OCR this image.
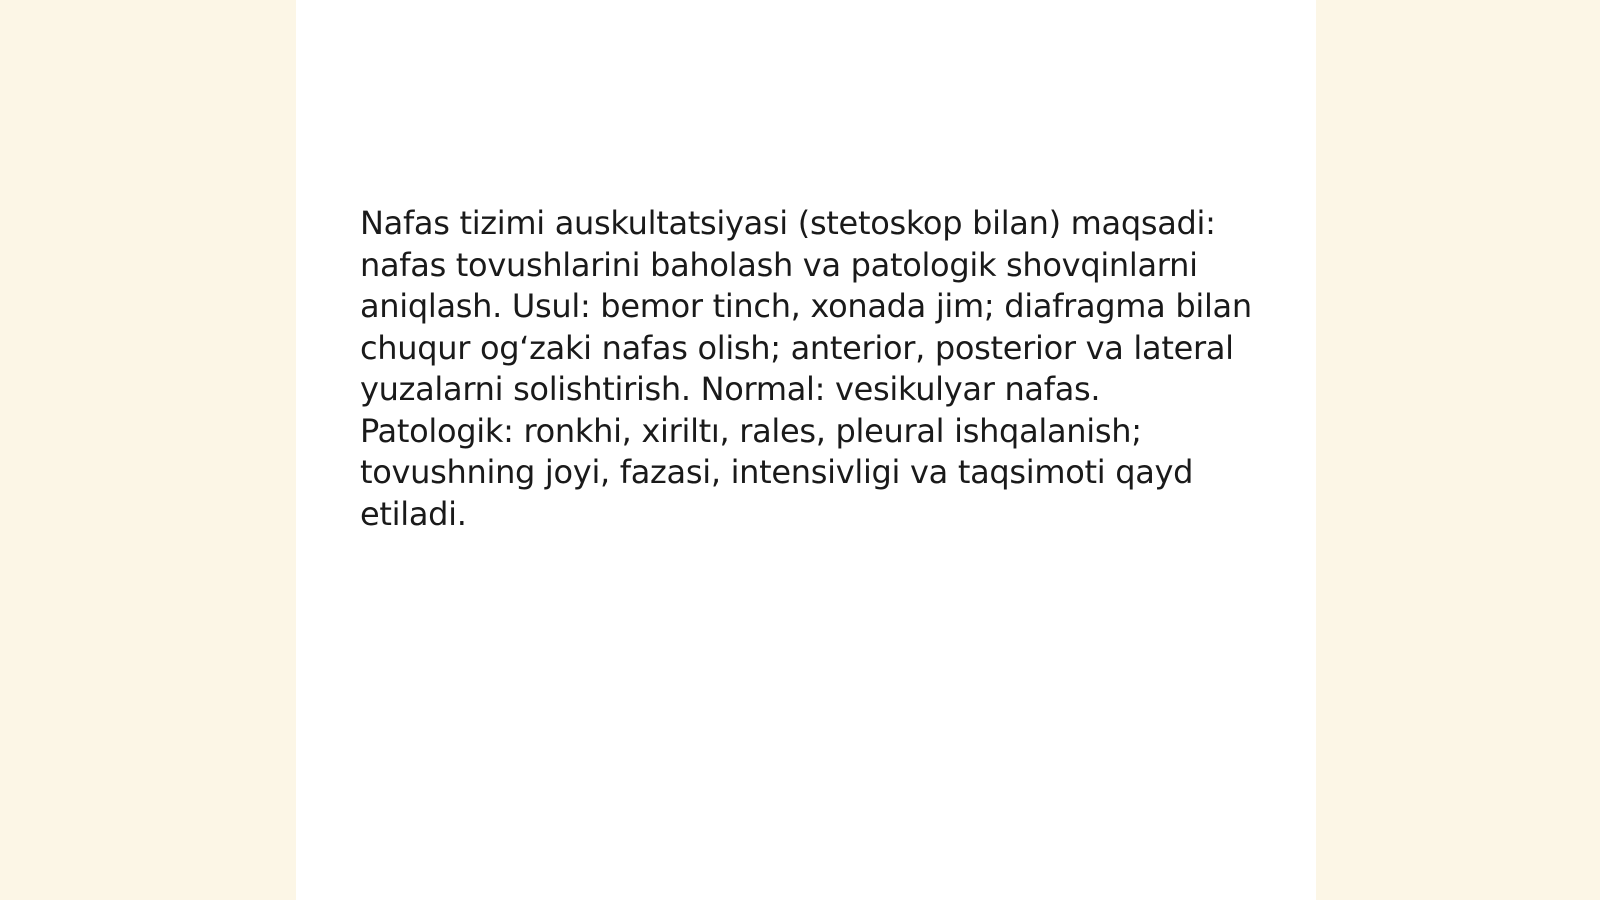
Nafas tizimi auskultatsiyasi (stetoskop bilan) maqsadi: nafas tovushlarini baholash va patologik shovqinlarni aniqlash. Usul: bemor tinch, xonada jim; diafragma bilan chuqur ogʻzaki nafas olish; anterior, posterior va lateral yuzalarni solishtirish. Normal: vesikulyar nafas. Patologik: ronkhi, xiriltı, rales, pleural ishqalanish; tovushning joyi, fazasi, intensivligi va taqsimoti qayd etiladi.
